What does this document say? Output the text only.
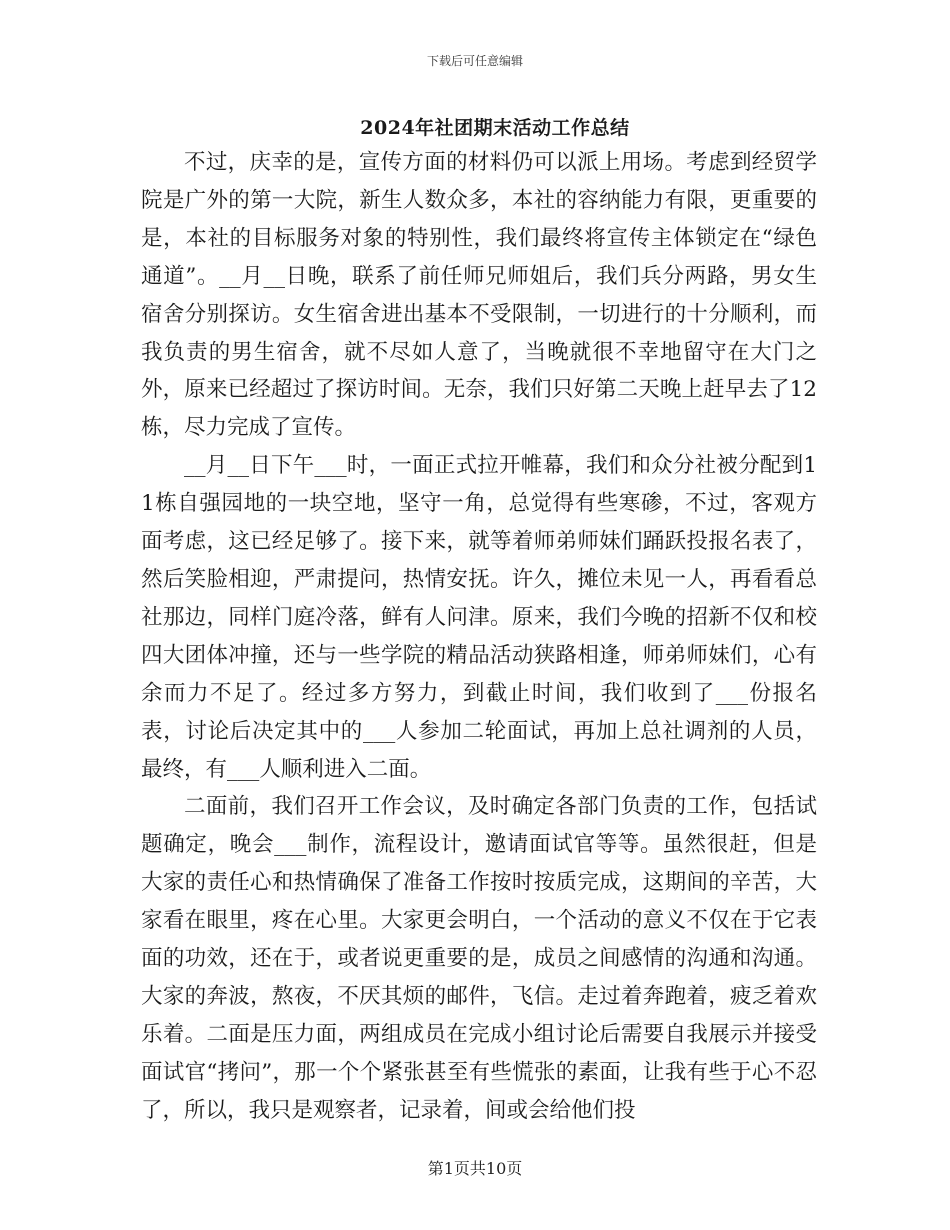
下载后可任意编辑
2024年社团期末活动工作总结

不过，庆幸的是，宣传方面的材料仍可以派上用场。考虑到经贸学院是广外的第一大院，新生人数众多，本社的容纳能力有限，更重要的是，本社的目标服务对象的特别性，我们最终将宣传主体锁定在“绿色通道”。__月__日晚，联系了前任师兄师姐后，我们兵分两路，男女生宿舍分别探访。女生宿舍进出基本不受限制，一切进行的十分顺利，而我负责的男生宿舍，就不尽如人意了，当晚就很不幸地留守在大门之外，原来已经超过了探访时间。无奈，我们只好第二天晚上赶早去了12栋，尽力完成了宣传。

__月__日下午___时，一面正式拉开帷幕，我们和众分社被分配到11栋自强园地的一块空地，坚守一角，总觉得有些寒碜，不过，客观方面考虑，这已经足够了。接下来，就等着师弟师妹们踊跃投报名表了，然后笑脸相迎，严肃提问，热情安抚。许久，摊位未见一人，再看看总社那边，同样门庭冷落，鲜有人问津。原来，我们今晚的招新不仅和校四大团体冲撞，还与一些学院的精品活动狭路相逢，师弟师妹们，心有余而力不足了。经过多方努力，到截止时间，我们收到了___份报名表，讨论后决定其中的___人参加二轮面试，再加上总社调剂的人员，最终，有___人顺利进入二面。

二面前，我们召开工作会议，及时确定各部门负责的工作，包括试题确定，晚会___制作，流程设计，邀请面试官等等。虽然很赶，但是大家的责任心和热情确保了准备工作按时按质完成，这期间的辛苦，大家看在眼里，疼在心里。大家更会明白，一个活动的意义不仅在于它表面的功效，还在于，或者说更重要的是，成员之间感情的沟通和沟通。大家的奔波，熬夜，不厌其烦的邮件，飞信。走过着奔跑着，疲乏着欢乐着。二面是压力面，两组成员在完成小组讨论后需要自我展示并接受面试官“拷问”，那一个个紧张甚至有些慌张的素面，让我有些于心不忍了，所以，我只是观察者，记录着，间或会给他们投

第1页共10页
